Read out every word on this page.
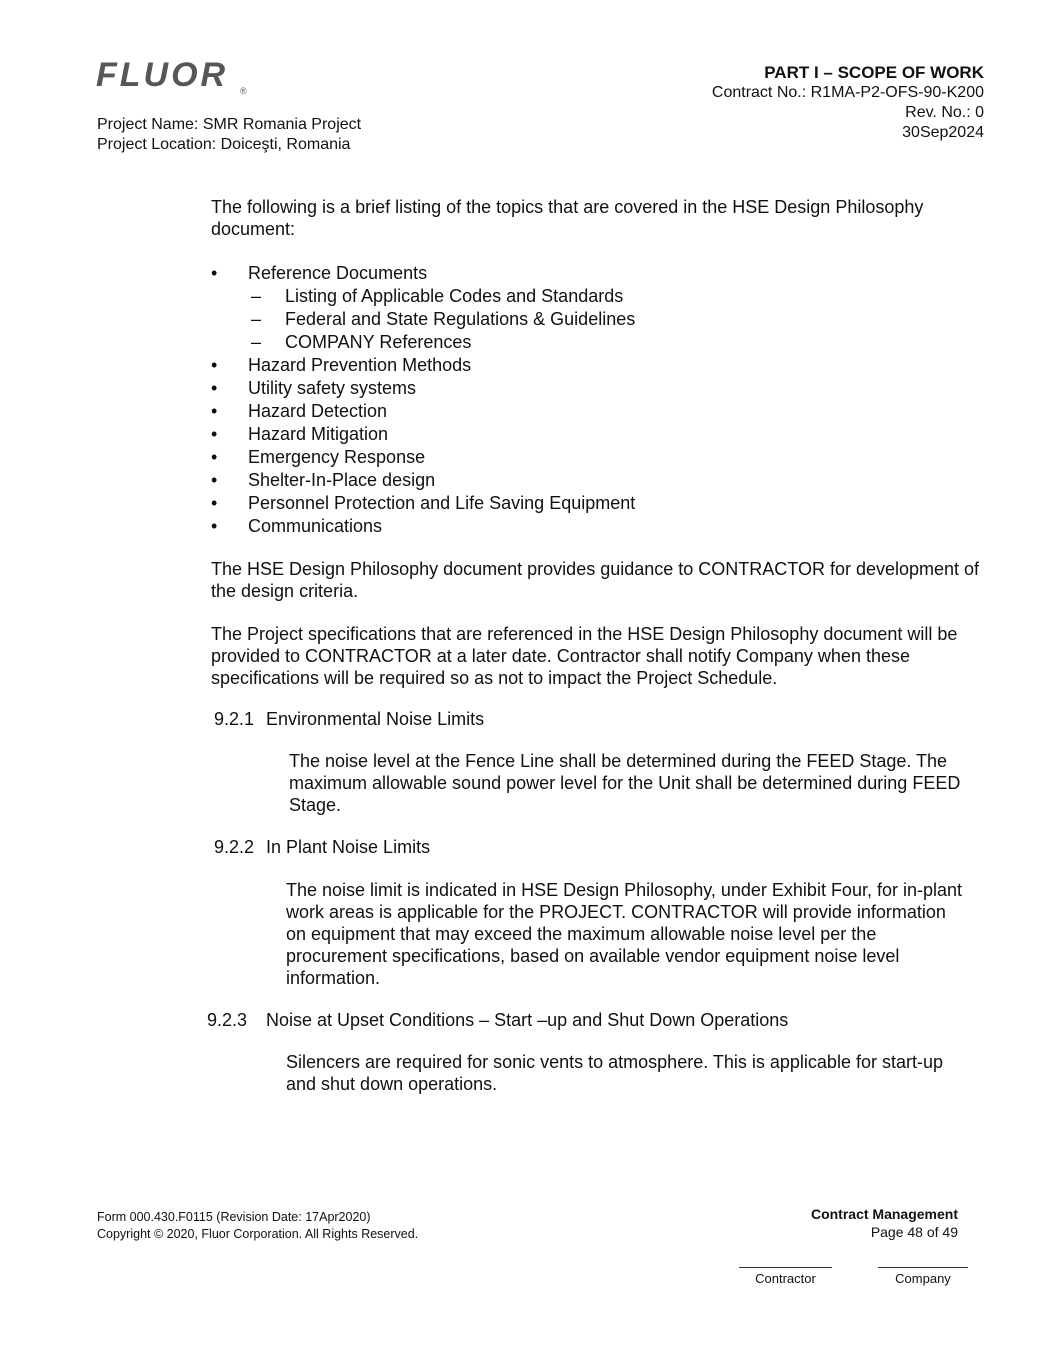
FLUOR ®
Project Name: SMR Romania Project
Project Location: Doiceşti, Romania
PART I – SCOPE OF WORK
Contract No.: R1MA-P2-OFS-90-K200
Rev. No.: 0
30Sep2024
The following is a brief listing of the topics that are covered in the HSE Design Philosophy document:
• Reference Documents
– Listing of Applicable Codes and Standards
– Federal and State Regulations & Guidelines
– COMPANY References
• Hazard Prevention Methods
• Utility safety systems
• Hazard Detection
• Hazard Mitigation
• Emergency Response
• Shelter-In-Place design
• Personnel Protection and Life Saving Equipment
• Communications
The HSE Design Philosophy document provides guidance to CONTRACTOR for development of the design criteria.
The Project specifications that are referenced in the HSE Design Philosophy document will be provided to CONTRACTOR at a later date. Contractor shall notify Company when these specifications will be required so as not to impact the Project Schedule.
9.2.1 Environmental Noise Limits
The noise level at the Fence Line shall be determined during the FEED Stage. The maximum allowable sound power level for the Unit shall be determined during FEED Stage.
9.2.2 In Plant Noise Limits
The noise limit is indicated in HSE Design Philosophy, under Exhibit Four, for in-plant work areas is applicable for the PROJECT. CONTRACTOR will provide information on equipment that may exceed the maximum allowable noise level per the procurement specifications, based on available vendor equipment noise level information.
9.2.3 Noise at Upset Conditions – Start –up and Shut Down Operations
Silencers are required for sonic vents to atmosphere. This is applicable for start-up and shut down operations.
Form 000.430.F0115 (Revision Date: 17Apr2020)
Copyright © 2020, Fluor Corporation. All Rights Reserved.
Contract Management
Page 48 of 49
Contractor	Company
